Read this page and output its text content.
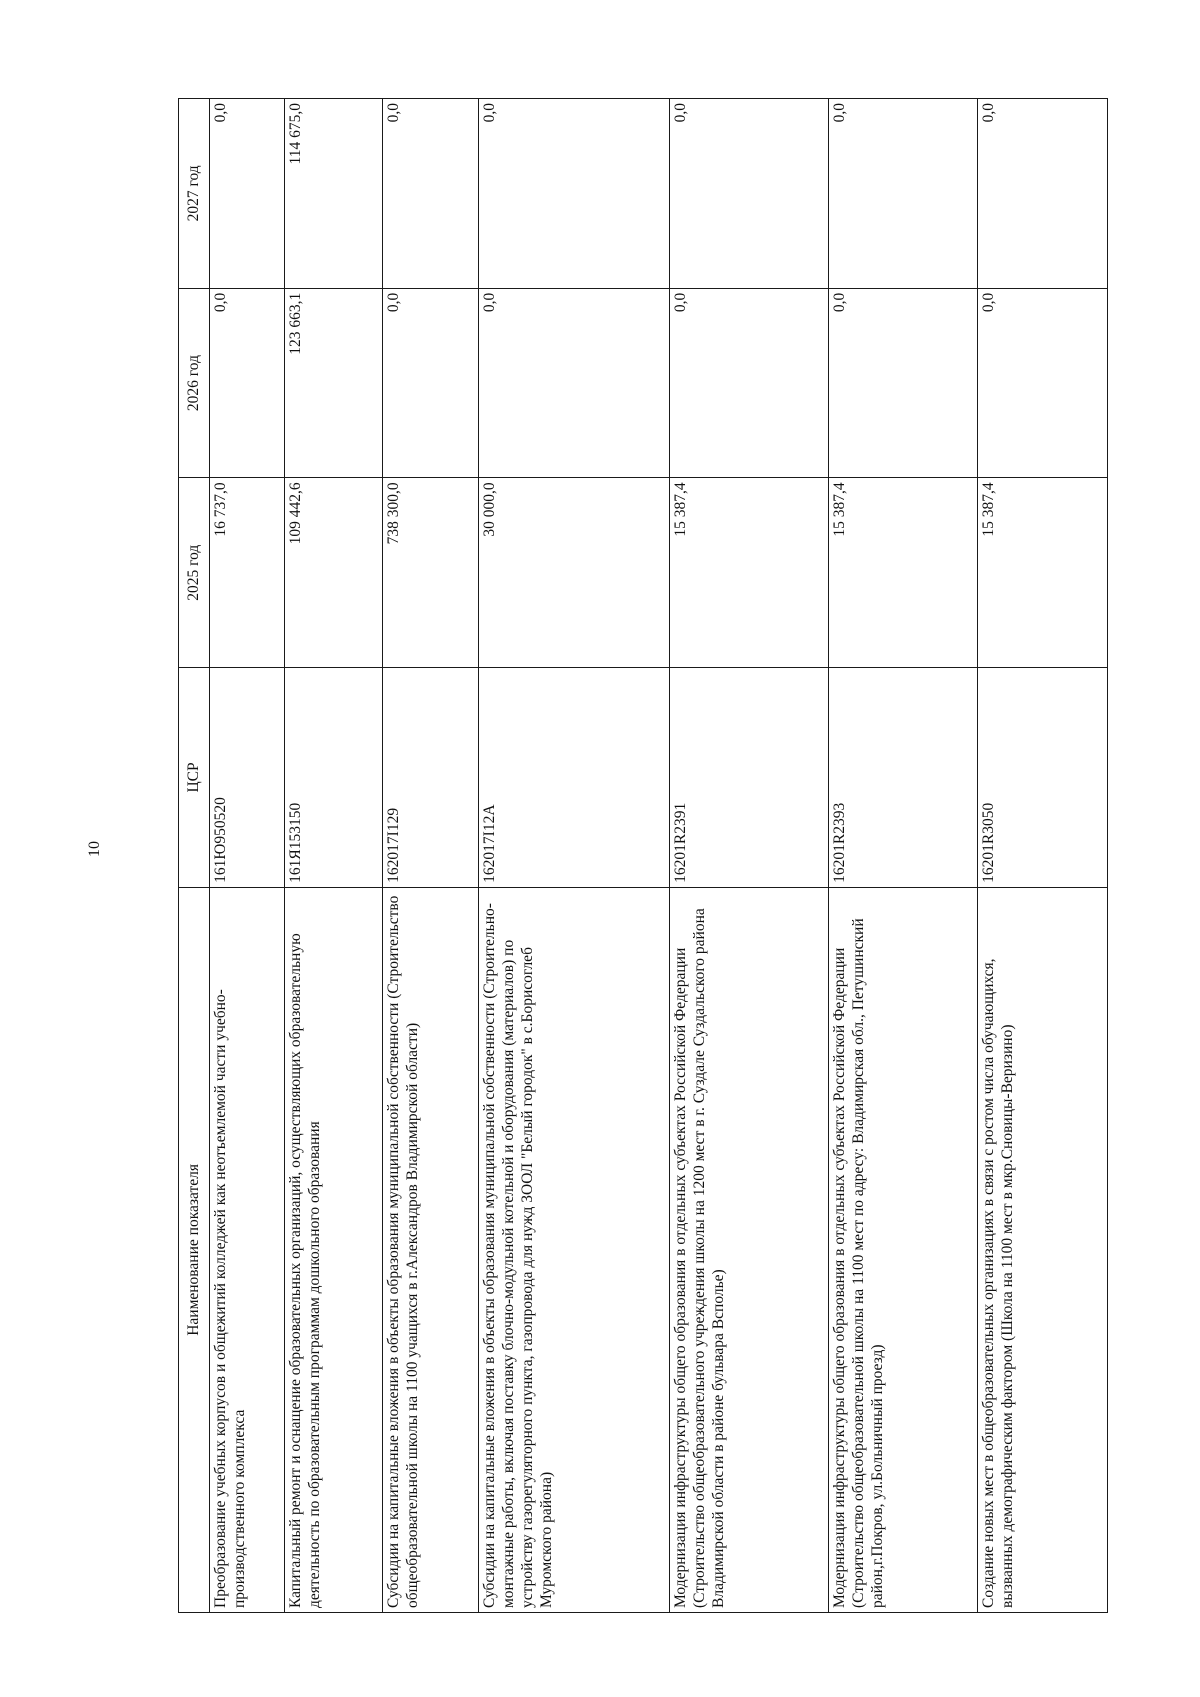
10
Наименование показателя	ЦСР	2025 год	2026 год	2027 год
Преобразование учебных корпусов и общежитий колледжей как неотъемлемой части учебно-производственного комплекса	161Ю950520	16 737,0	0,0	0,0
Капитальный ремонт и оснащение образовательных организаций, осуществляющих образовательную деятельность по образовательным программам дошкольного образования	161Я153150	109 442,6	123 663,1	114 675,0
Субсидии на капитальные вложения в объекты образования муниципальной собственности (Строительство общеобразовательной школы на 1100 учащихся в г.Александров Владимирской области)	162017I129	738 300,0	0,0	0,0
Субсидии на капитальные вложения в объекты образования муниципальной собственности (Строительно-монтажные работы, включая поставку блочно-модульной котельной и оборудования (материалов) по устройству газорегуляторного пункта, газопровода для нужд ЗООЛ "Белый городок" в с.Борисоглеб Муромского района)	162017I12А	30 000,0	0,0	0,0
Модернизация инфраструктуры общего образования в отдельных субъектах Российской Федерации (Строительство общеобразовательного учреждения школы на 1200 мест в г. Суздале Суздальского района Владимирской области в районе бульвара Всполье)	16201R2391	15 387,4	0,0	0,0
Модернизация инфраструктуры общего образования в отдельных субъектах Российской Федерации (Строительство общеобразовательной школы на 1100 мест по адресу: Владимирская обл., Петушинский район,г.Покров, ул.Больничный проезд)	16201R2393	15 387,4	0,0	0,0
Создание новых мест в общеобразовательных организациях в связи с ростом числа обучающихся, вызванных демографическим фактором (Школа на 1100 мест в мкр.Сновицы-Веризино)	16201R3050	15 387,4	0,0	0,0
